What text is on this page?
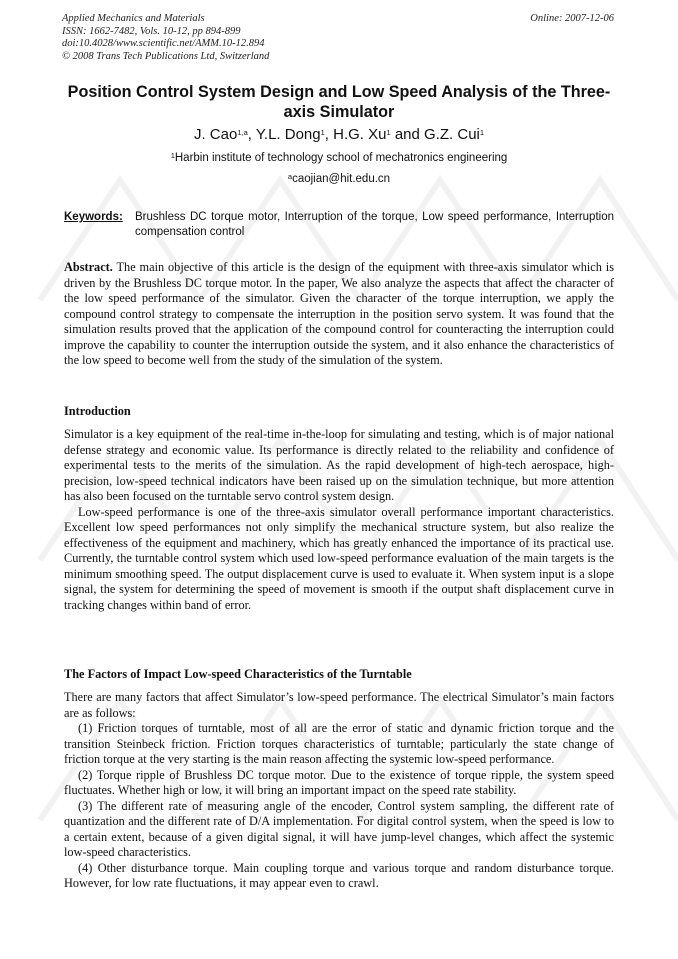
Applied Mechanics and Materials
ISSN: 1662-7482, Vols. 10-12, pp 894-899
doi:10.4028/www.scientific.net/AMM.10-12.894
© 2008 Trans Tech Publications Ltd, Switzerland
Online: 2007-12-06
Position Control System Design and Low Speed Analysis of the Three-axis Simulator
J. Cao$^{1,a}$, Y.L. Dong$^1$, H.G. Xu$^1$ and G.Z. Cui$^1$
$^1$Harbin institute of technology school of mechatronics engineering
$^a$caojian@hit.edu.cn
Keywords:	Brushless DC torque motor, Interruption of the torque, Low speed performance, Interruption compensation control

Abstract. The main objective of this article is the design of the equipment with three-axis simulator which is driven by the Brushless DC torque motor. In the paper, We also analyze the aspects that affect the character of the low speed performance of the simulator. Given the character of the torque interruption, we apply the compound control strategy to compensate the interruption in the position servo system. It was found that the simulation results proved that the application of the compound control for counteracting the interruption could improve the capability to counter the interruption outside the system, and it also enhance the characteristics of the low speed to become well from the study of the simulation of the system.

Introduction

Simulator is a key equipment of the real-time in-the-loop for simulating and testing, which is of major national defense strategy and economic value. Its performance is directly related to the reliability and confidence of experimental tests to the merits of the simulation. As the rapid development of high-tech aerospace, high-precision, low-speed technical indicators have been raised up on the simulation technique, but more attention has also been focused on the turntable servo control system design.

Low-speed performance is one of the three-axis simulator overall performance important characteristics. Excellent low speed performances not only simplify the mechanical structure system, but also realize the effectiveness of the equipment and machinery, which has greatly enhanced the importance of its practical use. Currently, the turntable control system which used low-speed performance evaluation of the main targets is the minimum smoothing speed. The output displacement curve is used to evaluate it. When system input is a slope signal, the system for determining the speed of movement is smooth if the output shaft displacement curve in tracking changes within band of error.

The Factors of Impact Low-speed Characteristics of the Turntable

There are many factors that affect Simulator’s low-speed performance. The electrical Simulator’s main factors are as follows:

(1) Friction torques of turntable, most of all are the error of static and dynamic friction torque and the transition Steinbeck friction. Friction torques characteristics of turntable; particularly the state change of friction torque at the very starting is the main reason affecting the systemic low-speed performance.

(2) Torque ripple of Brushless DC torque motor. Due to the existence of torque ripple, the system speed fluctuates. Whether high or low, it will bring an important impact on the speed rate stability.

(3) The different rate of measuring angle of the encoder, Control system sampling, the different rate of quantization and the different rate of D/A implementation. For digital control system, when the speed is low to a certain extent, because of a given digital signal, it will have jump-level changes, which affect the systemic low-speed characteristics.

(4) Other disturbance torque. Main coupling torque and various torque and random disturbance torque. However, for low rate fluctuations, it may appear even to crawl.
